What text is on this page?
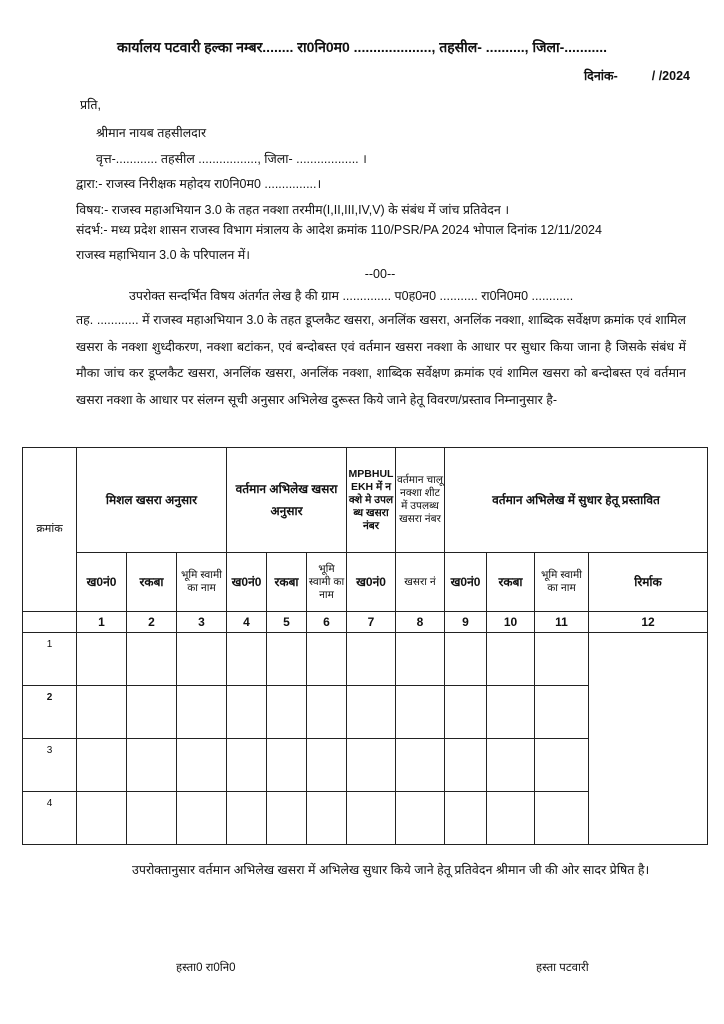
कार्यालय पटवारी हल्का नम्बर........ रा0नि0म0 ...................., तहसील- .........., जिला-...........
दिनांक-	/ /2024
प्रति,
श्रीमान नायब तहसीलदार
वृत्त-............ तहसील ................., जिला- .................. ।
द्वारा:- राजस्व निरीक्षक महोदय रा0नि0म0 ...............।
विषय:- राजस्व महाअभियान 3.0 के तहत नक्शा तरमीम(I,II,III,IV,V) के संबंध में जांच प्रतिवेदन ।
संदर्भ:- मध्य प्रदेश शासन राजस्व विभाग मंत्रालय के आदेश क्रमांक 110/PSR/PA 2024 भोपाल दिनांक 12/11/2024
राजस्व महाभियान 3.0 के परिपालन में।
--00--
उपरोक्त सन्दर्भित विषय अंतर्गत लेख है की ग्राम .............. प0ह0न0 ........... रा0नि0म0 ............
तह. ............ में राजस्व महाअभियान 3.0 के तहत डूप्लकैट खसरा, अनलिंक खसरा, अनलिंक नक्शा, शाब्दिक सर्वेक्षण क्रमांक एवं शामिल खसरा के नक्शा शुध्दीकरण, नक्शा बटांकन, एवं बन्दोबस्त एवं वर्तमान खसरा नक्शा के आधार पर सुधार किया जाना है जिसके संबंध में मौका जांच कर डूप्लकैट खसरा, अनलिंक खसरा, अनलिंक नक्शा, शाब्दिक सर्वेक्षण क्रमांक एवं शामिल खसरा को बन्दोबस्त एवं वर्तमान खसरा नक्शा के आधार पर संलग्न सूची अनुसार अभिलेख दुरूस्त किये जाने हेतू विवरण/प्रस्ताव निम्नानुसार है-
क्रमांक	मिशल खसरा अनुसार			वर्तमान अभिलेख खसरा अनुसार			MPBHULEKH में नक्शे मे उपलब्ध खसरा नंबर	वर्तमान चालू नक्शा शीट में उपलब्ध खसरा नंबर	वर्तमान अभिलेख में सुधार हेतू प्रस्तावित			
	ख0नं0	रकबा	भूमि स्वामी का नाम	ख0नं0	रकबा	भूमि स्वामी का नाम	ख0नं0	खसरा नं	ख0नं0	रकबा	भूमि स्वामी का नाम	रिर्माक
	1	2	3	4	5	6	7	8	9	10	11	12
1												
2												
3												
4												
उपरोक्तानुसार वर्तमान अभिलेख खसरा में अभिलेख सुधार किये जाने हेतू प्रतिवेदन श्रीमान जी की ओर सादर प्रेषित है।
हस्ता0 रा0नि0	हस्ता पटवारी
